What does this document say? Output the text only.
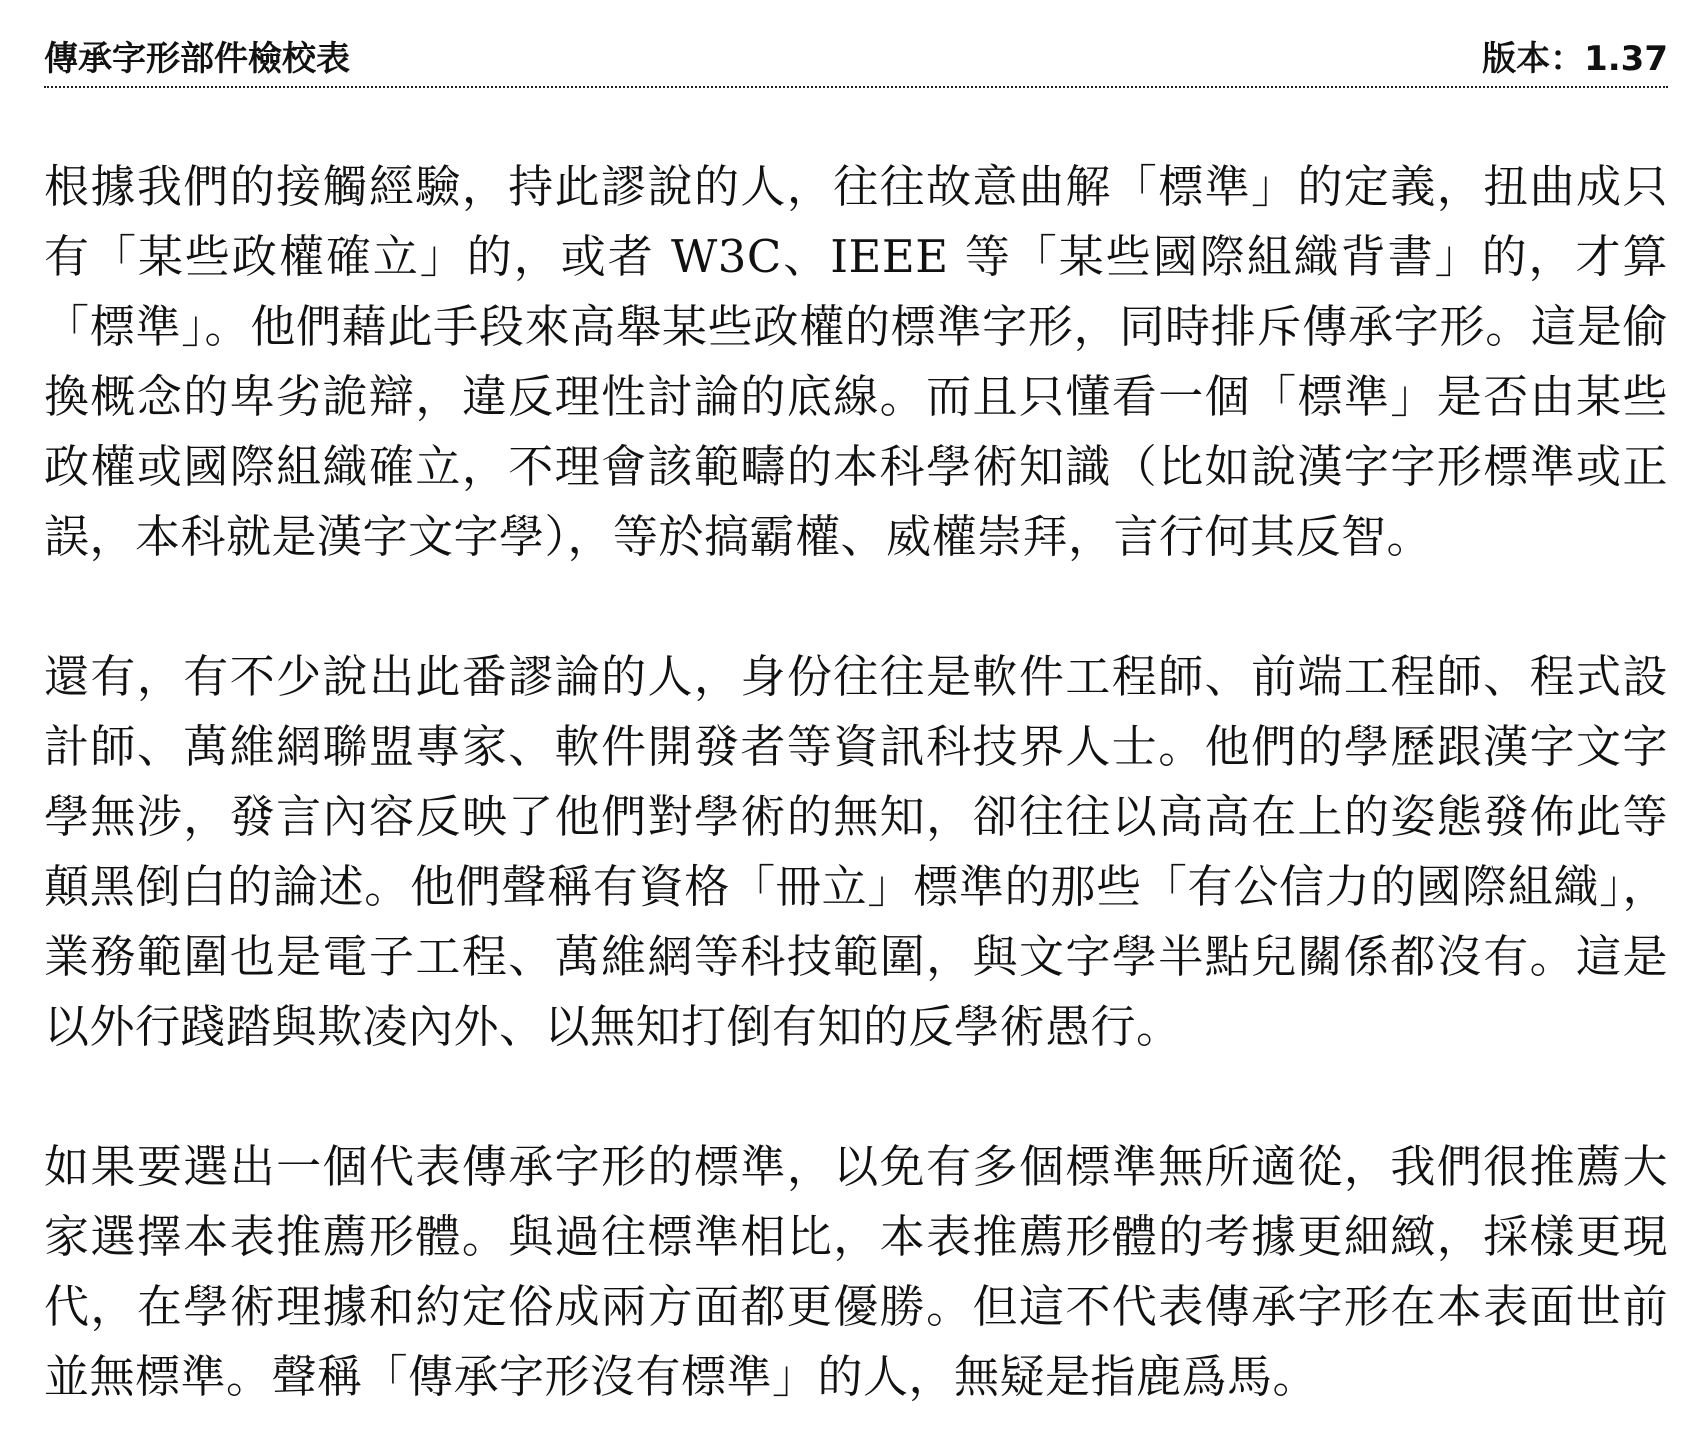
傳承字形部件檢校表	版本：1.37

根據我們的接觸經驗，持此謬說的人，往往故意曲解「標準」的定義，扭曲成只有「某些政權確立」的，或者 W3C、IEEE 等「某些國際組織背書」的，才算「標準」。他們藉此手段來高舉某些政權的標準字形，同時排斥傳承字形。這是偷換概念的卑劣詭辯，違反理性討論的底線。而且只懂看一個「標準」是否由某些政權或國際組織確立，不理會該範疇的本科學術知識（比如說漢字字形標準或正誤，本科就是漢字文字學），等於搞霸權、威權崇拜，言行何其反智。

還有，有不少說出此番謬論的人，身份往往是軟件工程師、前端工程師、程式設計師、萬維網聯盟專家、軟件開發者等資訊科技界人士。他們的學歷跟漢字文字學無涉，發言內容反映了他們對學術的無知，卻往往以高高在上的姿態發佈此等顛黑倒白的論述。他們聲稱有資格「冊立」標準的那些「有公信力的國際組織」，業務範圍也是電子工程、萬維網等科技範圍，與文字學半點兒關係都沒有。這是以外行踐踏與欺凌內外、以無知打倒有知的反學術愚行。

如果要選出一個代表傳承字形的標準，以免有多個標準無所適從，我們很推薦大家選擇本表推薦形體。與過往標準相比，本表推薦形體的考據更細緻，採樣更現代，在學術理據和約定俗成兩方面都更優勝。但這不代表傳承字形在本表面世前並無標準。聲稱「傳承字形沒有標準」的人，無疑是指鹿爲馬。
